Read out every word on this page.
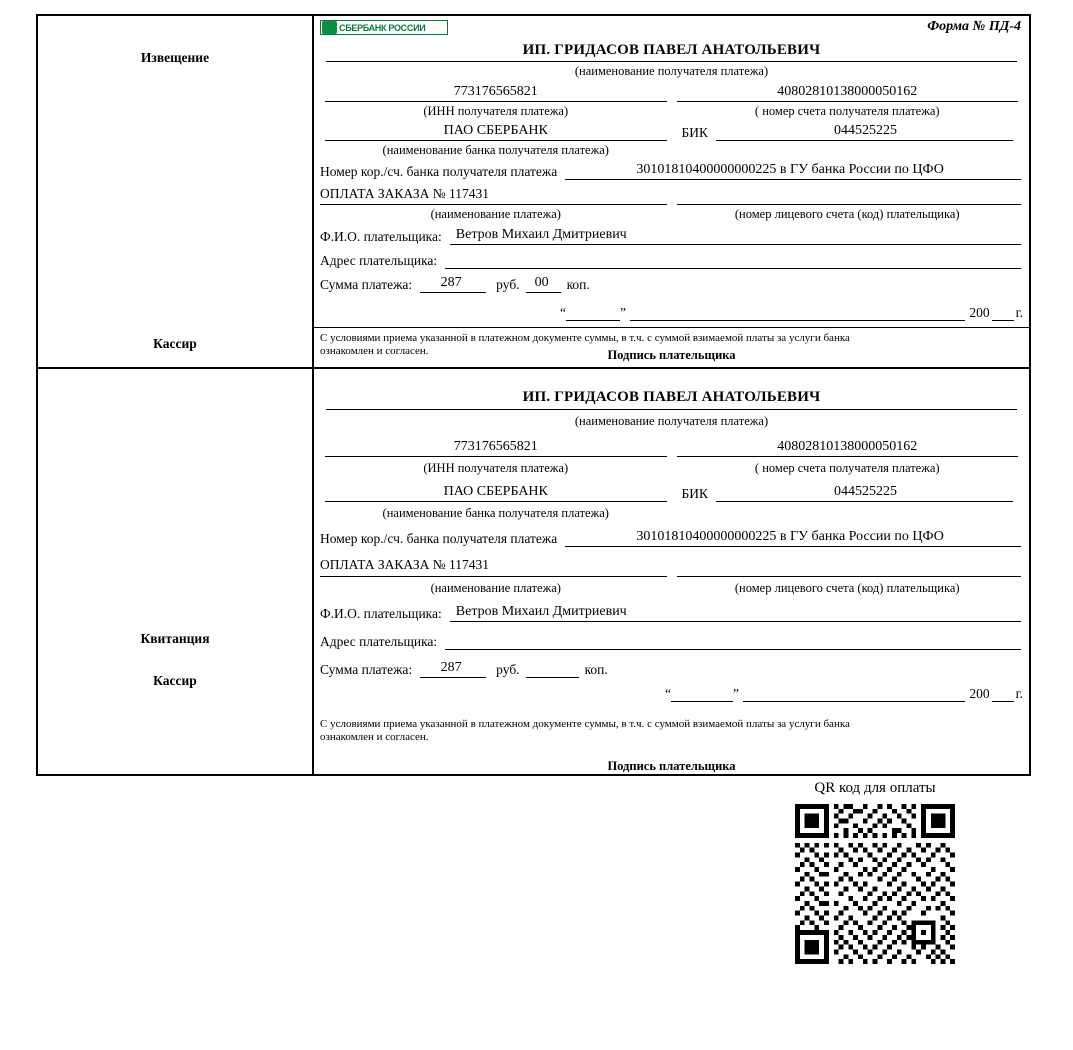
Извещение
Кассир
СБЕРБАНК РОССИИ	Форма № ПД-4
ИП. ГРИДАСОВ ПАВЕЛ АНАТОЛЬЕВИЧ
(наименование получателя платежа)
773176565821	40802810138000050162
(ИНН получателя платежа)	( номер счета получателя платежа)
ПАО СБЕРБАНК	БИК	044525225
(наименование банка получателя платежа)
Номер кор./сч. банка получателя платежа	30101810400000000225 в ГУ банка России по ЦФО
ОПЛАТА ЗАКАЗА № 117431
(наименование платежа)	(номер лицевого счета (код) плательщика)
Ф.И.О. плательщика:	Ветров Михаил Дмитриевич
Адрес плательщика:
Сумма платежа:	287	руб.	00	коп.
“	”	200 г.
С условиями приема указанной в платежном документе суммы, в т.ч. с суммой взимаемой платы за услуги банка
ознакомлен и согласен.	Подпись плательщика
Квитанция
Кассир
ИП. ГРИДАСОВ ПАВЕЛ АНАТОЛЬЕВИЧ
(наименование получателя платежа)
773176565821	40802810138000050162
(ИНН получателя платежа)	( номер счета получателя платежа)
ПАО СБЕРБАНК	БИК	044525225
(наименование банка получателя платежа)
Номер кор./сч. банка получателя платежа	30101810400000000225 в ГУ банка России по ЦФО
ОПЛАТА ЗАКАЗА № 117431
(наименование платежа)	(номер лицевого счета (код) плательщика)
Ф.И.О. плательщика:	Ветров Михаил Дмитриевич
Адрес плательщика:
Сумма платежа:	287	руб.	коп.
“	”	200 г.
С условиями приема указанной в платежном документе суммы, в т.ч. с суммой взимаемой платы за услуги банка
ознакомлен и согласен.
Подпись плательщика
QR код для оплаты
